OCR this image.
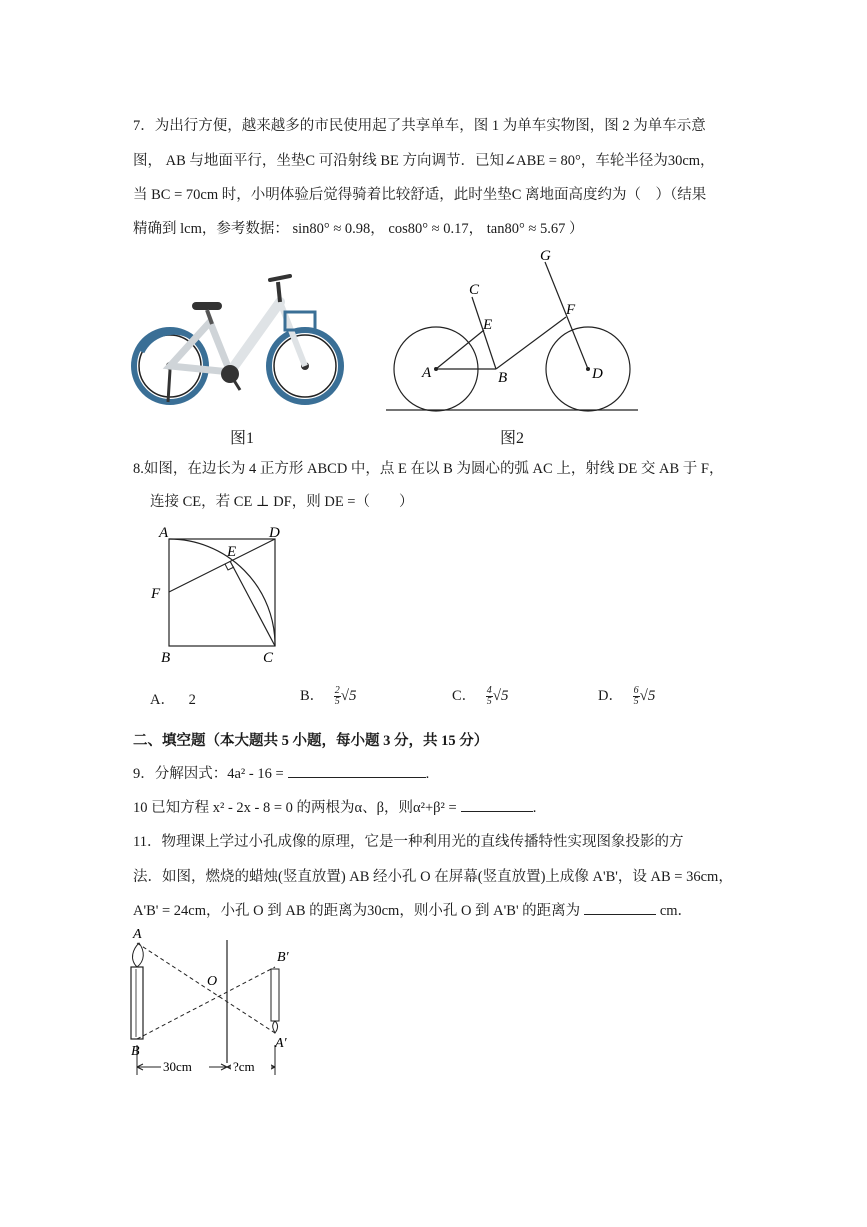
7．为出行方便，越来越多的市民使用起了共享单车，图 1 为单车实物图，图 2 为单车示意
图， AB 与地面平行，坐垫C 可沿射线 BE 方向调节．已知∠ABE = 80°，车轮半径为30cm，
当 BC = 70cm 时，小明体验后觉得骑着比较舒适，此时坐垫C 离地面高度约为（　）（结果
精确到 lcm，参考数据： sin80° ≈ 0.98， cos80° ≈ 0.17， tan80° ≈ 5.67 ）
图1
A	B
C
D
E
F
G
图2
8.如图，在边长为 4 正方形 ABCD 中，点 E 在以 B 为圆心的弧 AC 上，射线 DE 交 AB 于 F，
连接 CE，若 CE ⊥ DF，则 DE =（　　）
A	D
E
F
B	C
A． 2	B． $\frac{2}{5} √5$	C． $\frac{4}{5} √5$	D． $\frac{6}{5} √5$
二、填空题（本大题共 5 小题，每小题 3 分，共 15 分）
9．分解因式：4a² - 16 =	.
10 已知方程 x² - 2x - 8 = 0 的两根为α、β，则α²+β² =	.
11．物理课上学过小孔成像的原理，它是一种利用光的直线传播特性实现图象投影的方
法．如图，燃烧的蜡烛(竖直放置) AB 经小孔 O 在屏幕(竖直放置)上成像 A'B'，设 AB = 36cm，
A'B' = 24cm，小孔 O 到 AB 的距离为30cm，则小孔 O 到 A'B' 的距离为	cm．
A
B
O
B′
A′
30cm	?cm
